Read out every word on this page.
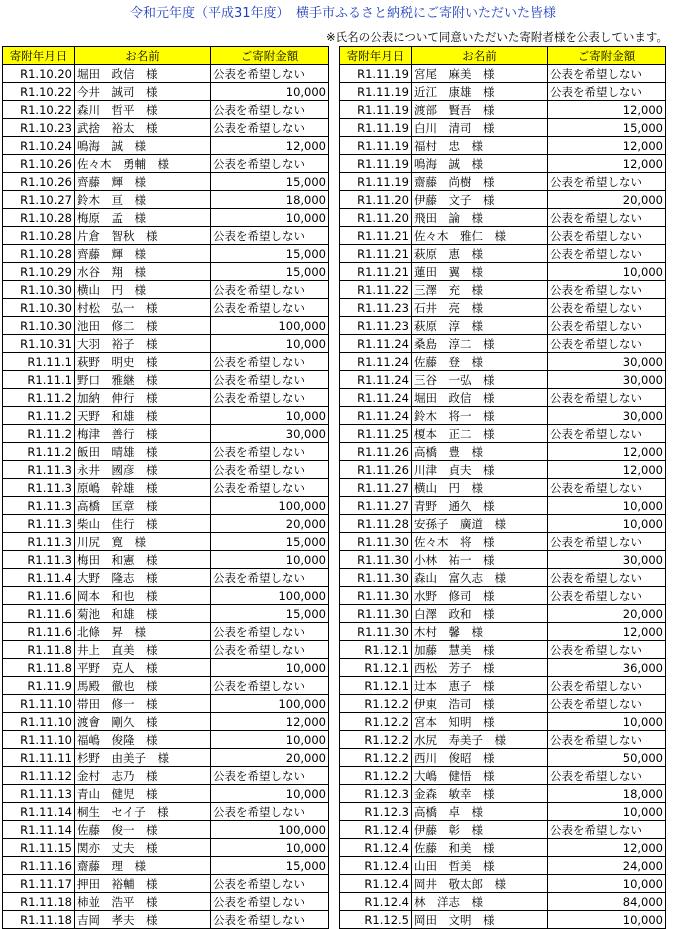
令和元年度（平成31年度）　横手市ふるさと納税にご寄附いただいた皆様
※氏名の公表について同意いただいた寄附者様を公表しています。
寄附年月日	お名前	ご寄附金額
R1.10.20	堀田　政信　様	公表を希望しない
R1.10.22	今井　誠司　様	10,000
R1.10.22	森川　哲平　様	公表を希望しない
R1.10.23	武捨　裕太　様	公表を希望しない
R1.10.24	鳴海　誠　様	12,000
R1.10.26	佐々木　勇輔　様	公表を希望しない
R1.10.26	齊藤　輝　様	15,000
R1.10.27	鈴木　亘　様	18,000
R1.10.28	梅原　孟　様	10,000
R1.10.28	片倉　智秋　様	公表を希望しない
R1.10.28	齊藤　輝　様	15,000
R1.10.29	水谷　翔　様	15,000
R1.10.30	横山　円　様	公表を希望しない
R1.10.30	村松　弘一　様	公表を希望しない
R1.10.30	池田　修二　様	100,000
R1.10.31	大羽　裕子　様	10,000
R1.11.1	萩野　明史　様	公表を希望しない
R1.11.1	野口　雅継　様	公表を希望しない
R1.11.2	加納　伸行　様	公表を希望しない
R1.11.2	天野　和雄　様	10,000
R1.11.2	梅津　善行　様	30,000
R1.11.2	飯田　晴雄　様	公表を希望しない
R1.11.3	永井　國彦　様	公表を希望しない
R1.11.3	原嶋　幹雄　様	公表を希望しない
R1.11.3	高橋　匡章　様	100,000
R1.11.3	柴山　佳行　様	20,000
R1.11.3	川尻　寛　様	15,000
R1.11.3	梅田　和憲　様	10,000
R1.11.4	大野　隆志　様	公表を希望しない
R1.11.6	岡本　和也　様	100,000
R1.11.6	菊池　和雄　様	15,000
R1.11.6	北條　昇　様	公表を希望しない
R1.11.8	井上　直美　様	公表を希望しない
R1.11.8	平野　克人　様	10,000
R1.11.9	馬殿　徹也　様	公表を希望しない
R1.11.10	帯田　修一　様	100,000
R1.11.10	渡會　剛久　様	12,000
R1.11.10	福嶋　俊隆　様	10,000
R1.11.11	杉野　由美子　様	20,000
R1.11.12	金村　志乃　様	公表を希望しない
R1.11.13	青山　健児　様	10,000
R1.11.14	桐生　セイ子　様	公表を希望しない
R1.11.14	佐藤　俊一　様	100,000
R1.11.15	関亦　丈夫　様	10,000
R1.11.16	齋藤　理　様	15,000
R1.11.17	押田　裕輔　様	公表を希望しない
R1.11.18	柿並　浩平　様	公表を希望しない
R1.11.18	吉岡　孝夫　様	公表を希望しない
寄附年月日	お名前	ご寄附金額
R1.11.19	宮尾　麻美　様	公表を希望しない
R1.11.19	近江　康雄　様	公表を希望しない
R1.11.19	渡部　賢吾　様	12,000
R1.11.19	白川　清司　様	15,000
R1.11.19	福村　忠　様	12,000
R1.11.19	鳴海　誠　様	12,000
R1.11.19	齋藤　尚樹　様	公表を希望しない
R1.11.20	伊藤　文子　様	20,000
R1.11.20	飛田　論　様	公表を希望しない
R1.11.21	佐々木　雅仁　様	公表を希望しない
R1.11.21	萩原　恵　様	公表を希望しない
R1.11.21	蓮田　翼　様	10,000
R1.11.22	三澤　充　様	公表を希望しない
R1.11.23	石井　亮　様	公表を希望しない
R1.11.23	萩原　淳　様	公表を希望しない
R1.11.24	桑島　淳二　様	公表を希望しない
R1.11.24	佐藤　登　様	30,000
R1.11.24	三谷　一弘　様	30,000
R1.11.24	堀田　政信　様	公表を希望しない
R1.11.24	鈴木　将一　様	30,000
R1.11.25	榎本　正二　様	公表を希望しない
R1.11.26	高橋　豊　様	12,000
R1.11.26	川津　貞夫　様	12,000
R1.11.27	横山　円　様	公表を希望しない
R1.11.27	青野　通久　様	10,000
R1.11.28	安孫子　廣道　様	10,000
R1.11.30	佐々木　将　様	公表を希望しない
R1.11.30	小林　祐一　様	30,000
R1.11.30	森山　富久志　様	公表を希望しない
R1.11.30	水野　修司　様	公表を希望しない
R1.11.30	白澤　政和　様	20,000
R1.11.30	木村　馨　様	12,000
R1.12.1	加藤　慧美　様	公表を希望しない
R1.12.1	西松　芳子　様	36,000
R1.12.1	辻本　恵子　様	公表を希望しない
R1.12.2	伊東　浩司　様	公表を希望しない
R1.12.2	宮本　知明　様	10,000
R1.12.2	水尻　寿美子　様	公表を希望しない
R1.12.2	西川　俊昭　様	50,000
R1.12.2	大嶋　健悟　様	公表を希望しない
R1.12.3	金森　敏幸　様	18,000
R1.12.3	高橋　卓　様	10,000
R1.12.4	伊藤　彰　様	公表を希望しない
R1.12.4	佐藤　和美　様	12,000
R1.12.4	山田　哲美　様	24,000
R1.12.4	岡井　敬太郎　様	10,000
R1.12.4	林　洋志　様	84,000
R1.12.5	岡田　文明　様	10,000
